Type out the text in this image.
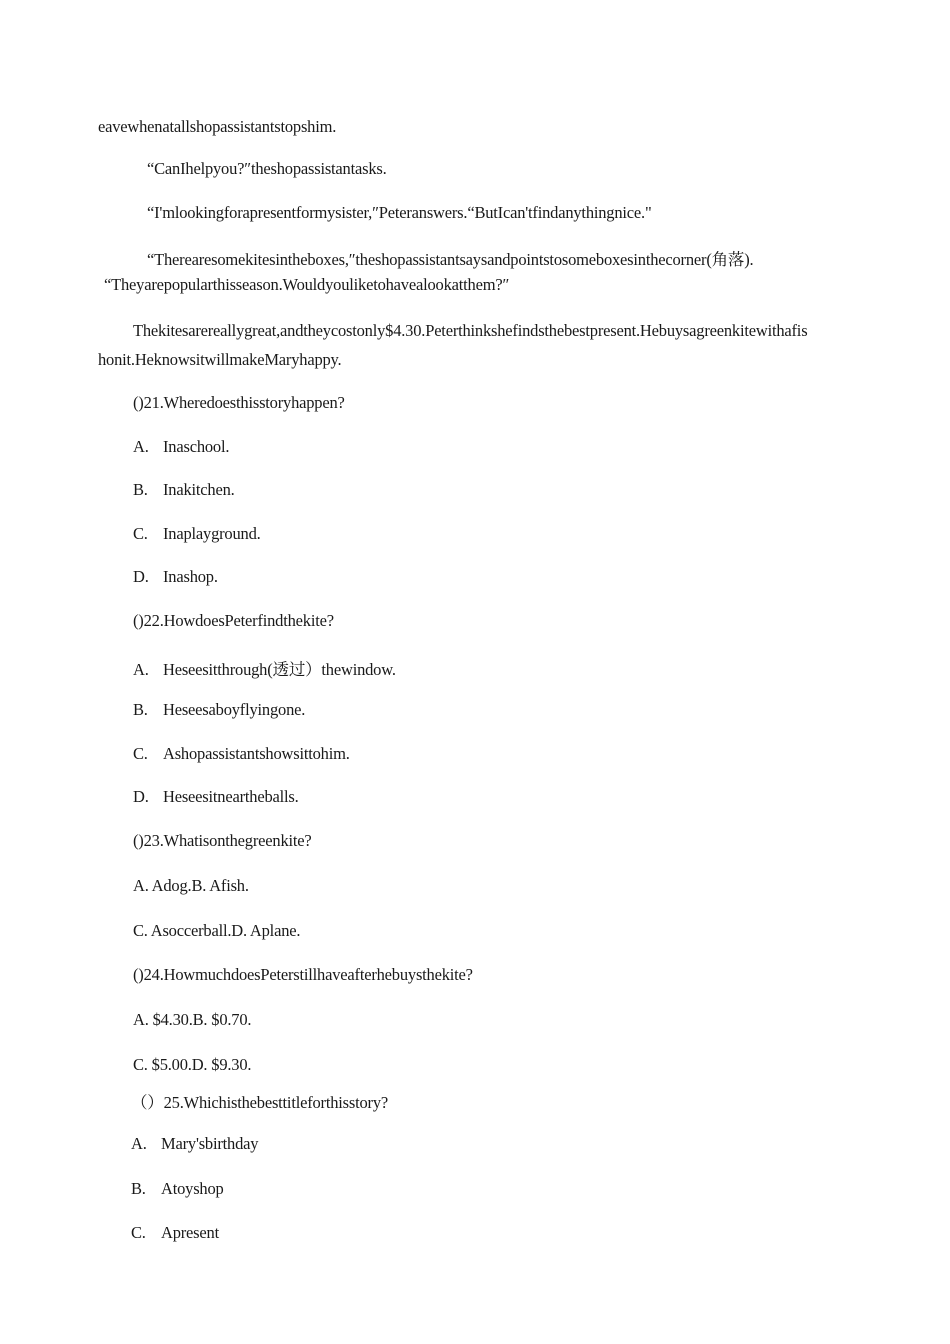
eavewhenatallshopassistantstopshim.
“CanIhelpyou?″theshopassistantasks.
“I'mlookingforapresentformysister,″Peteranswers.“ButIcan'tfindanythingnice."
“Therearesomekitesintheboxes,″theshopassistantsaysandpointstosomeboxesinthecorner(角落).
“Theyarepopularthisseason.Wouldyouliketohavealookatthem?″
Thekitesarereallygreat,andtheycostonly$4.30.Peterthinkshefindsthebestpresent.Hebuysagreenkitewithafis
honit.HeknowsitwillmakeMaryhappy.
()21.Wheredoesthisstoryhappen?
A. Inaschool.
B. Inakitchen.
C. Inaplayground.
D. Inashop.
()22.HowdoesPeterfindthekite?
A. Heseesitthrough(透过）thewindow.
B. Heseesaboyflyingone.
C. Ashopassistantshowsittohim.
D. Heseesitneartheballs.
()23.Whatisonthegreenkite?
A. Adog.B. Afish.
C. Asoccerball.D. Aplane.
()24.HowmuchdoesPeterstillhaveafterhebuysthekite?
A. $4.30.B. $0.70.
C. $5.00.D. $9.30.
（）25.Whichisthebesttitleforthisstory?
A. Mary'sbirthday
B. Atoyshop
C. Apresent
